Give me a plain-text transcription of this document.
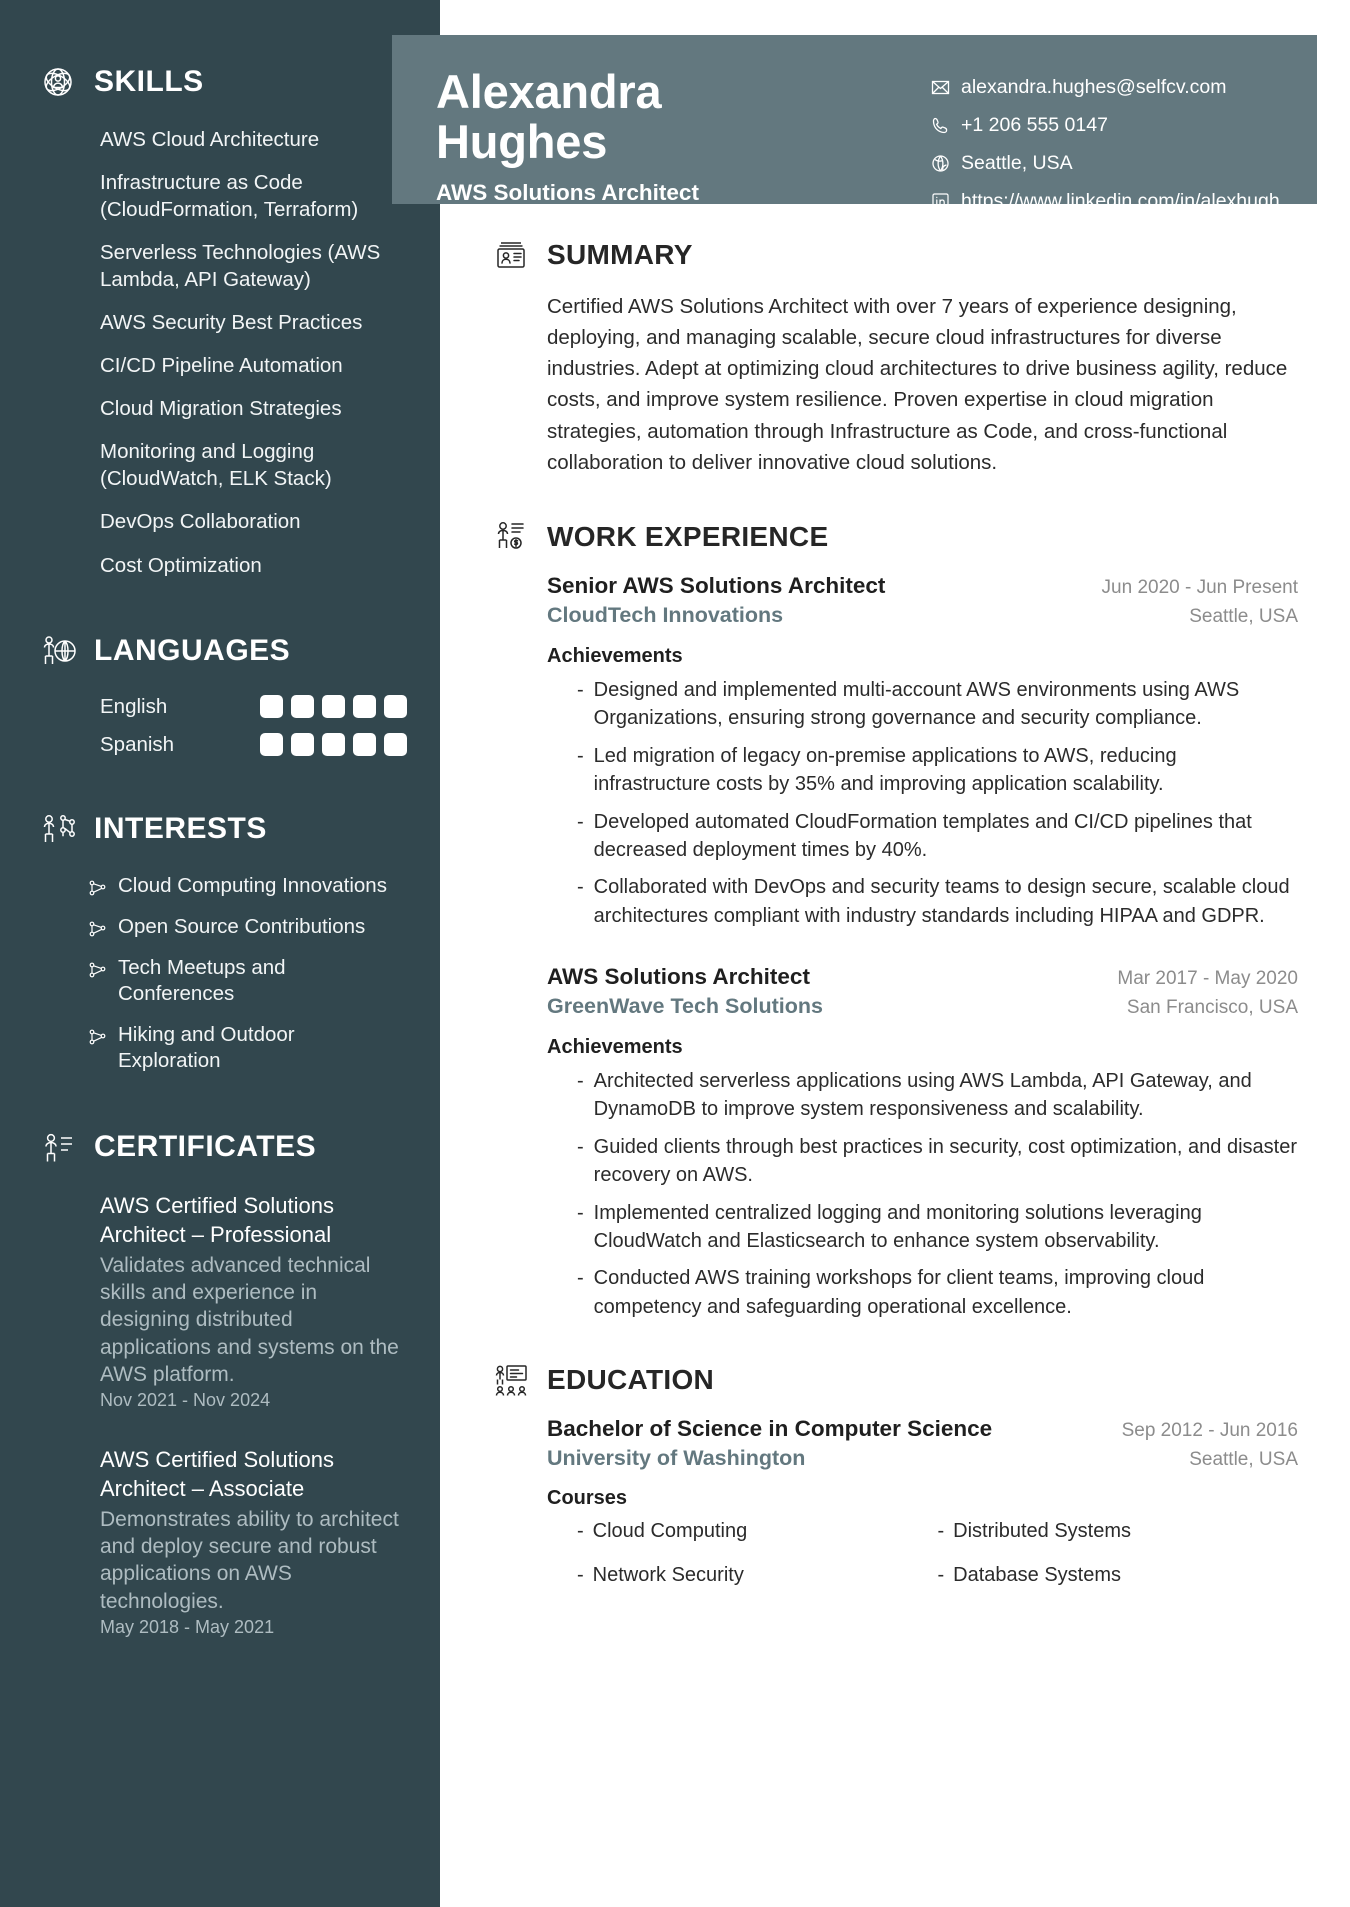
SKILLS
AWS Cloud Architecture
Infrastructure as Code (CloudFormation, Terraform)
Serverless Technologies (AWS Lambda, API Gateway)
AWS Security Best Practices
CI/CD Pipeline Automation
Cloud Migration Strategies
Monitoring and Logging (CloudWatch, ELK Stack)
DevOps Collaboration
Cost Optimization
LANGUAGES
English
Spanish
INTERESTS
Cloud Computing Innovations
Open Source Contributions
Tech Meetups and Conferences
Hiking and Outdoor Exploration
CERTIFICATES
AWS Certified Solutions Architect – Professional
Validates advanced technical skills and experience in designing distributed applications and systems on the AWS platform.
Nov 2021 - Nov 2024
AWS Certified Solutions Architect – Associate
Demonstrates ability to architect and deploy secure and robust applications on AWS technologies.
May 2018 - May 2021
Alexandra
Hughes
AWS Solutions Architect
alexandra.hughes@selfcv.com
+1 206 555 0147
Seattle, USA
https://www.linkedin.com/in/alexhughesaws
SUMMARY

Certified AWS Solutions Architect with over 7 years of experience designing, deploying, and managing scalable, secure cloud infrastructures for diverse industries. Adept at optimizing cloud architectures to drive business agility, reduce costs, and improve system resilience. Proven expertise in cloud migration strategies, automation through Infrastructure as Code, and cross-functional collaboration to deliver innovative cloud solutions.

WORK EXPERIENCE
Senior AWS Solutions Architect	Jun 2020 - Jun Present
CloudTech Innovations	Seattle, USA
Achievements
- Designed and implemented multi-account AWS environments using AWS Organizations, ensuring strong governance and security compliance.
- Led migration of legacy on-premise applications to AWS, reducing infrastructure costs by 35% and improving application scalability.
- Developed automated CloudFormation templates and CI/CD pipelines that decreased deployment times by 40%.
- Collaborated with DevOps and security teams to design secure, scalable cloud architectures compliant with industry standards including HIPAA and GDPR.
AWS Solutions Architect	Mar 2017 - May 2020
GreenWave Tech Solutions	San Francisco, USA
Achievements
- Architected serverless applications using AWS Lambda, API Gateway, and DynamoDB to improve system responsiveness and scalability.
- Guided clients through best practices in security, cost optimization, and disaster recovery on AWS.
- Implemented centralized logging and monitoring solutions leveraging CloudWatch and Elasticsearch to enhance system observability.
- Conducted AWS training workshops for client teams, improving cloud competency and safeguarding operational excellence.
EDUCATION
Bachelor of Science in Computer Science	Sep 2012 - Jun 2016
University of Washington	Seattle, USA
Courses
- Cloud Computing	- Distributed Systems
- Network Security	- Database Systems
